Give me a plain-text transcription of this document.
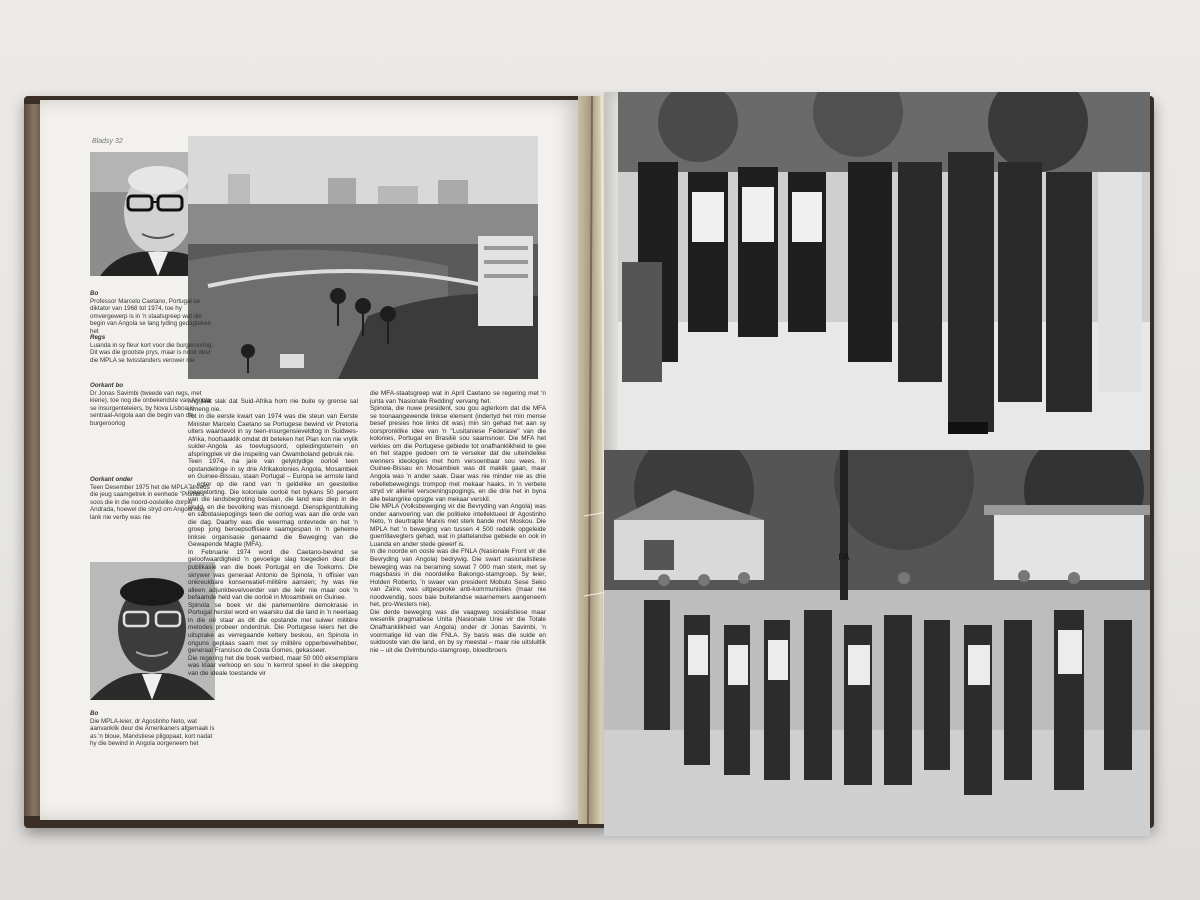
Bladsy 32
Bo
Professor Marcelo Caetano, Portugal se diktator van 1968 tot 1974, toe hy omvergewerp is in 'n staatsgreep wat die begin van Angola se lang lyding gedagteken het
Regs
Luanda in sy fleur kort voor die burgeroorlog. Dit was die grootste prys, maar is nooit deur die MPLA se twisstanders verower nie
Oorkant bo
Dr Jonas Savimbi (tweede van regs, met kierie), toe nog die onbekendste van Angola se insurgenteleiers, by Nova Lisboa in sentraal-Angola aan die begin van die burgeroorlog
Oorkant onder
Teen Desember 1975 het die MPLA alreeds die jeug saamgetrek in eenhede "Pioniers" soos die in die noord-oostelike dorpie Andrada, hoewel die stryd om Angola nog lank nie verby was nie
Bo
Die MPLA-leier, dr Agostinho Neto, wat aanvanklik deur die Amerikaners afgemaak is as 'n bloue, Marxistiese pligopaat, kort nadat hy die bewind in Angola oorgeneem het
ring laat slak dat Suid-Afrika hom nie buite sy grense sal inmeng nie.
Tot in die eerste kwart van 1974 was die steun van Eerste Minister Marcelo Caetano se Portugese bewind vir Pretoria uiters waardevol in sy teen-insurgensieveldtog in Suidwes-Afrika, hoofsaaklik omdat dit beteken het Plan kon nie vrylik suider-Angola as toevlugsoord, opleidingsterrein en afspringplek vir die inspeling van Owamboland gebruik nie.
Teen 1974, na jare van gelyktydige oorloë teen opstandelinge in sy drie Afrikakolonies Angola, Mosambiek en Guinee-Bissau, staan Portugal – Europa se armste land – egter op die rand van 'n geldelike en geestelike ineenstorting. Die koloniale oorloë het bykans 50 persent van die landsbegroting beslaan, die land was diep in die skuld, en die bevolking was misnoegd. Dienspligontduiking en sabotasiepogings teen die oorlog was aan die orde van die dag. Daarby was die weermag ontevrede en het 'n groep jong beroepsoffisiere saamgespan in 'n geheime linksie organisasie genaamd die Beweging van die Gewapende Magte (MFA).
In Februarie 1974 word die Caetano-bewind se geloofwaardigheid 'n gevoelige slag toegedien deur die publikasie van die boek Portugal en die Toekoms. Die skrywer was generaal Antonio de Spinola, 'n offisier van onkreukbare konserwatief-militêre aansien; hy was nie alleen adjunkbevelvoerder van die leër nie maar ook 'n befaamde held van die oorloë in Mosambiek en Guinee.
Spinola se boek vir die parlementêre demokrasie in Portugal herstel word en waarsku dat die land in 'n neerlaag in die oë staar as dit die opstande met suiwer militêre metodes probeer onderdruk. Die Portugese leiers het die uitsprake as verregaande kettery beskou, en Spinola in onguns geplaas saam met sy militêre opperbevelhebber, generaal Francisco de Costa Gomes, gekasseer.
Die regering het die boek verbied, maar 50 000 eksemplare was klaar verkoop en sou 'n kernrol speel in die skepping van die ideale toestande vir
die MFA-staatsgreep wat in April Caetano se regering met 'n junta van 'Nasionale Redding' vervang het.
Spinola, die nuwe president, sou gou agterkom dat die MFA se toonaangewende linkse element (indertyd het min mense besef presies hoe links dit was) min sin gehad het aan sy oorspronklike idee van 'n "Lusitaniese Federasie" van die kolonies, Portugal en Brasilië sou saamsnoer. Die MFA het verkies om die Portugese gebiede tot onafhanklikheid te gee en het stappe gedoen om te verseker dat die uiteindelike wenners ideologies met hom versoenbaar sou wees. In Guinee-Bissau en Mosambiek was dit maklik gaan, maar Angola was 'n ander saak. Daar was nie minder nie as drie rebellebewegings trompop met mekaar haaks, in 'n verbete stryd vir allerlei versoeningspogings, en die drie het in byna alle belangrike opsigte van mekaar verskil.
Die MPLA (Volksbeweging vir die Bevryding van Angola) was onder aanvoering van die politieke intellektueel dr Agostinho Neto, 'n deurtrapte Marxis met sterk bande met Moskou. Die MPLA het 'n beweging van tussen 4 500 redelik opgeleide guerrillavegters gehad, wat in plattelandse gebiede en ook in Luanda en ander stede gewerf is.
In die noorde en ooste was die FNLA (Nasionale Front vir die Bevryding van Angola) bedrywig. Die swart nasionalistiese beweging was na beraming sowat 7 000 man sterk, met sy magsbasis in die noordelike Bakongo-stamgroep. Sy leier, Holden Roberto, 'n swaer van president Mobuto Sese Seko van Zaïre, was uitgesproke anti-kommunisties (maar nie noodwendig, soos baie buitelandse waarnemers aangeneem het, pro-Westers nie).
Die derde beweging was die vaagweg sosialistiese maar wesenlik pragmatiese Unita (Nasionale Unie vir die Totale Onafhanklikheid van Angola) onder dr Jonas Savimbi, 'n voormalige lid van die FNLA. Sy basis was die suide en suidooste van die land, en by sy meestal – maar nie uitsluitlik nie – uit die Ovimbundu-stamgroep, bloedbroers
PA
